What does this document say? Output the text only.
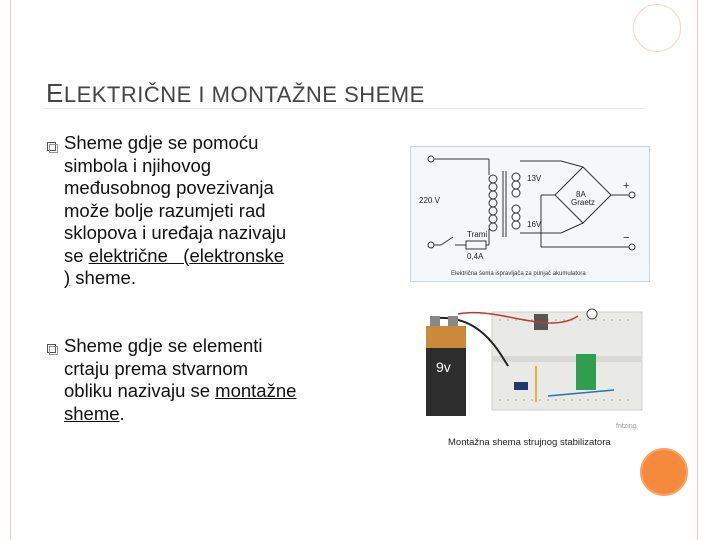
ELEKTRIČNE I MONTAŽNE SHEME
Sheme gdje se pomoću
simbola i njihovog
međusobnog povezivanja
može bolje razumjeti rad
sklopova i uređaja nazivaju
se električne   (elektronske
) sheme.
Sheme gdje se elementi
crtaju prema stvarnom
obliku nazivaju se montažne
sheme.
220 V
13V
16V
8A
Graetz
Trami
0,4A
+
−
Električna šema ispravljača za punjač akumulatora
9v
fritzing
Montažna shema strujnog stabilizatora
